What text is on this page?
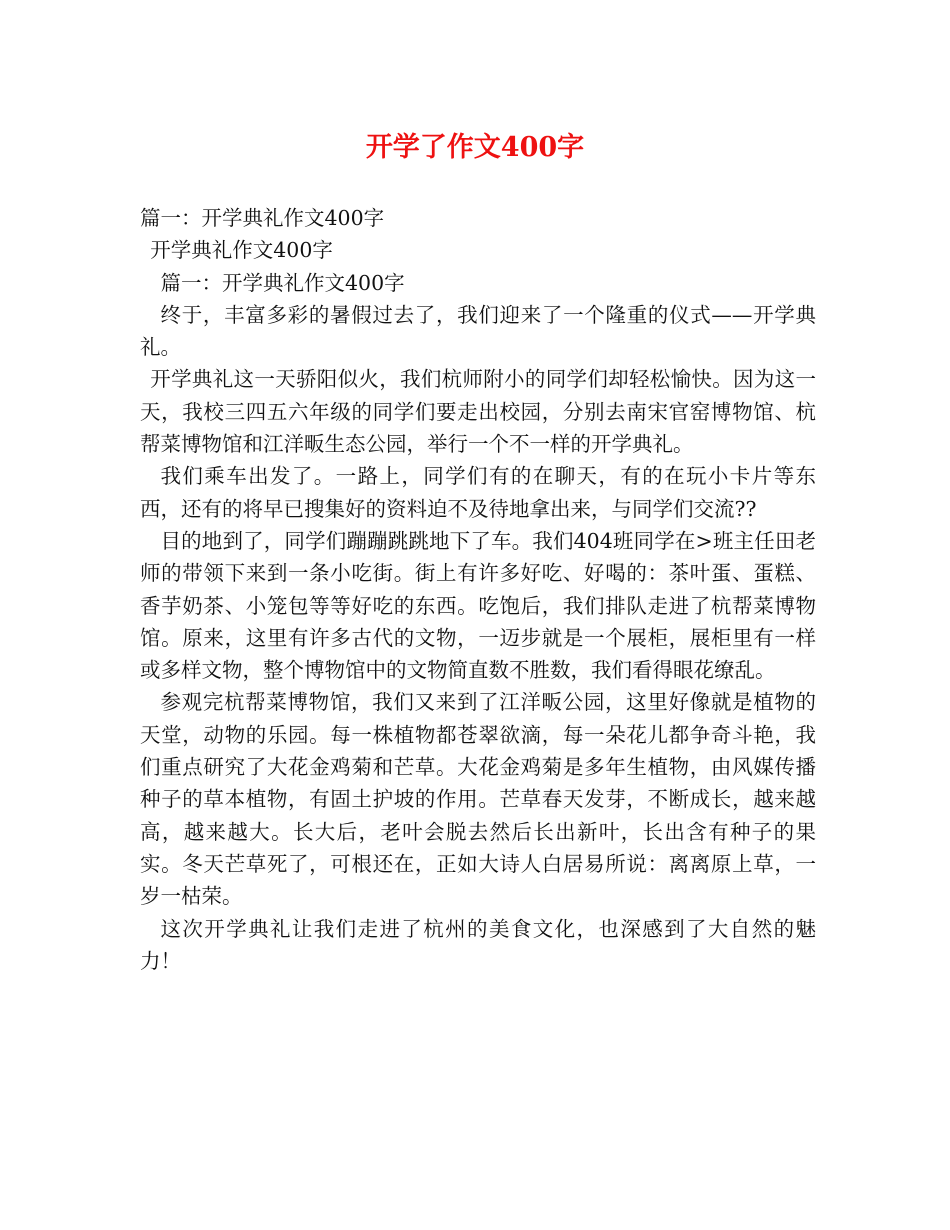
开学了作文400字

篇一：开学典礼作文400字

开学典礼作文400字

篇一：开学典礼作文400字

终于，丰富多彩的暑假过去了，我们迎来了一个隆重的仪式——开学典礼。

开学典礼这一天骄阳似火，我们杭师附小的同学们却轻松愉快。因为这一天，我校三四五六年级的同学们要走出校园，分别去南宋官窑博物馆、杭帮菜博物馆和江洋畈生态公园，举行一个不一样的开学典礼。

我们乘车出发了。一路上，同学们有的在聊天，有的在玩小卡片等东西，还有的将早已搜集好的资料迫不及待地拿出来，与同学们交流??

目的地到了，同学们蹦蹦跳跳地下了车。我们404班同学在>班主任田老师的带领下来到一条小吃街。街上有许多好吃、好喝的：茶叶蛋、蛋糕、香芋奶茶、小笼包等等好吃的东西。吃饱后，我们排队走进了杭帮菜博物馆。原来，这里有许多古代的文物，一迈步就是一个展柜，展柜里有一样或多样文物，整个博物馆中的文物简直数不胜数，我们看得眼花缭乱。

参观完杭帮菜博物馆，我们又来到了江洋畈公园，这里好像就是植物的天堂，动物的乐园。每一株植物都苍翠欲滴，每一朵花儿都争奇斗艳，我们重点研究了大花金鸡菊和芒草。大花金鸡菊是多年生植物，由风媒传播种子的草本植物，有固土护坡的作用。芒草春天发芽，不断成长，越来越高，越来越大。长大后，老叶会脱去然后长出新叶，长出含有种子的果实。冬天芒草死了，可根还在，正如大诗人白居易所说：离离原上草，一岁一枯荣。

这次开学典礼让我们走进了杭州的美食文化，也深感到了大自然的魅力！
